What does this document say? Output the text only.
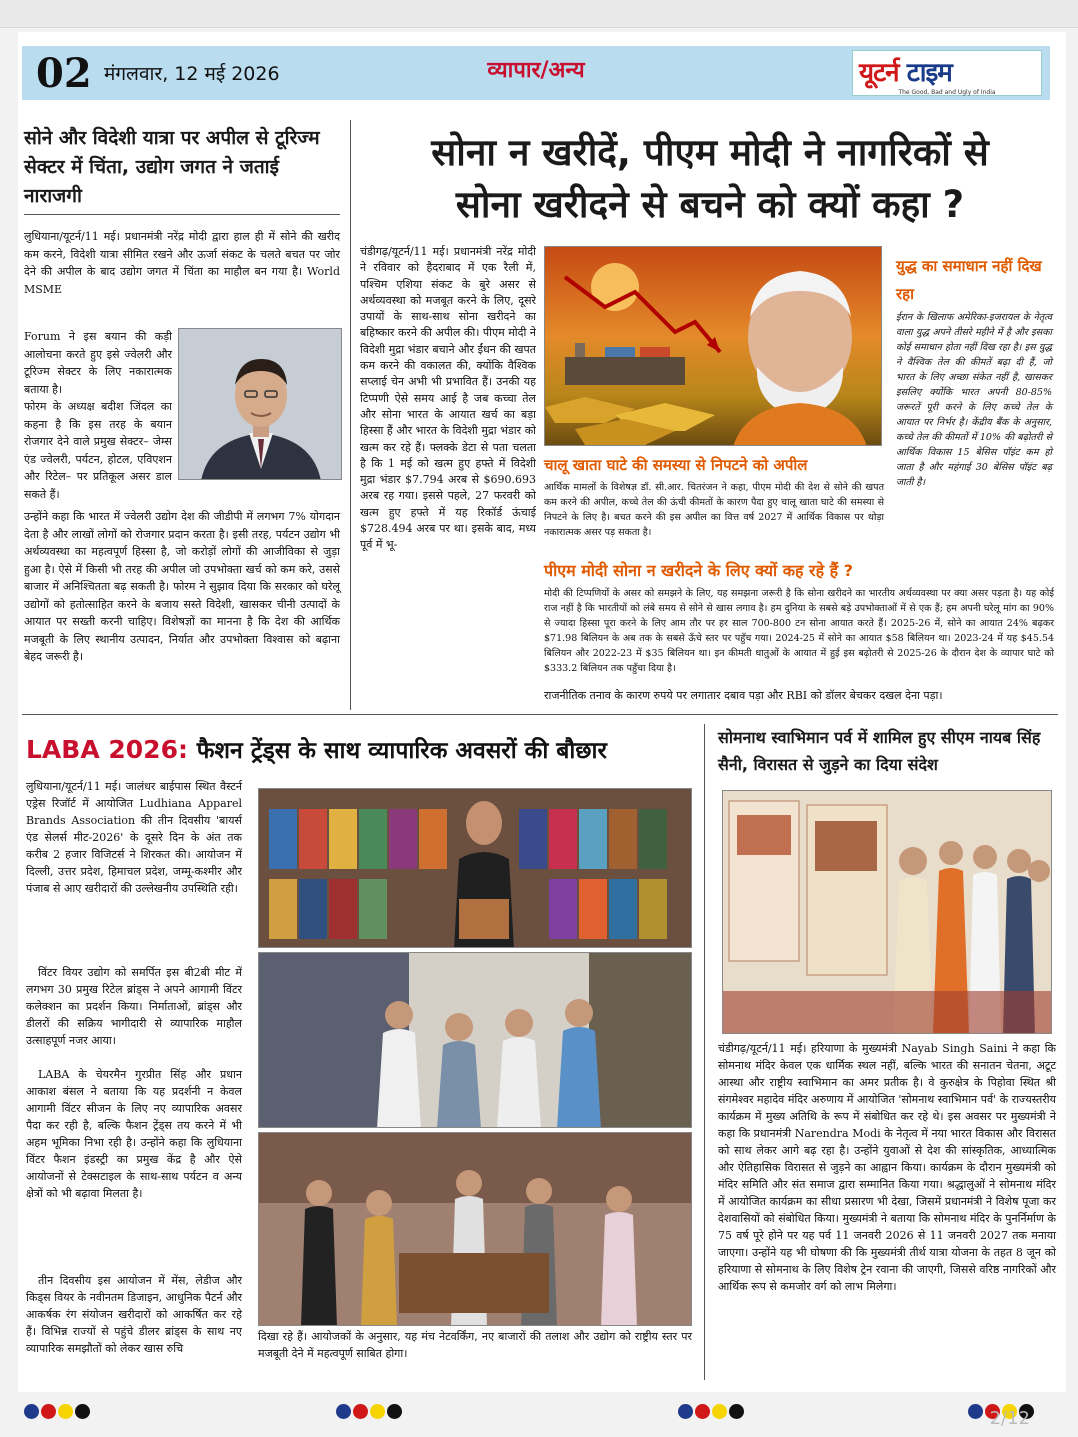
02 मंगलवार, 12 मई 2026	व्यापार/अन्य	यूटर्न टाइम
The Good, Bad and Ugly of India
सोने और विदेशी यात्रा पर अपील से टूरिज्म सेक्टर में चिंता, उद्योग जगत ने जताई नाराजगी
लुधियाना/यूटर्न/11 मई। प्रधानमंत्री नरेंद्र मोदी द्वारा हाल ही में सोने की खरीद कम करने, विदेशी यात्रा सीमित रखने और ऊर्जा संकट के चलते बचत पर जोर देने की अपील के बाद उद्योग जगत में चिंता का माहौल बन गया है। World MSME
Forum ने इस बयान की कड़ी आलोचना करते हुए इसे ज्वेलरी और टूरिज्म सेक्टर के लिए नकारात्मक बताया है।
फोरम के अध्यक्ष बदीश जिंदल का कहना है कि इस तरह के बयान रोजगार देने वाले प्रमुख सेक्टर– जेम्स एंड ज्वेलरी, पर्यटन, होटल, एविएशन और रिटेल– पर प्रतिकूल असर डाल सकते हैं।
उन्होंने कहा कि भारत में ज्वेलरी उद्योग देश की जीडीपी में लगभग 7% योगदान देता है और लाखों लोगों को रोजगार प्रदान करता है। इसी तरह, पर्यटन उद्योग भी अर्थव्यवस्था का महत्वपूर्ण हिस्सा है, जो करोड़ों लोगों की आजीविका से जुड़ा हुआ है। ऐसे में किसी भी तरह की अपील जो उपभोक्ता खर्च को कम करे, उससे बाजार में अनिश्चितता बढ़ सकती है। फोरम ने सुझाव दिया कि सरकार को घरेलू उद्योगों को हतोत्साहित करने के बजाय सस्ते विदेशी, खासकर चीनी उत्पादों के आयात पर सख्ती करनी चाहिए। विशेषज्ञों का मानना है कि देश की आर्थिक मजबूती के लिए स्थानीय उत्पादन, निर्यात और उपभोक्ता विश्वास को बढ़ाना बेहद जरूरी है।
सोना न खरीदें, पीएम मोदी ने नागरिकों से
सोना खरीदने से बचने को क्यों कहा ?
चंडीगढ़/यूटर्न/11 मई। प्रधानमंत्री नरेंद्र मोदी ने रविवार को हैदराबाद में एक रैली में, पश्चिम एशिया संकट के बुरे असर से अर्थव्यवस्था को मजबूत करने के लिए, दूसरे उपायों के साथ-साथ सोना खरीदने का बहिष्कार करने की अपील की। पीएम मोदी ने विदेशी मुद्रा भंडार बचाने और ईंधन की खपत कम करने की वकालत की, क्योंकि वैश्विक सप्लाई चेन अभी भी प्रभावित हैं। उनकी यह टिप्पणी ऐसे समय आई है जब कच्चा तेल और सोना भारत के आयात खर्च का बड़ा हिस्सा हैं और भारत के विदेशी मुद्रा भंडार को खत्म कर रहे हैं। फ्लक्के डेटा से पता चलता है कि 1 मई को खत्म हुए हफ्ते में विदेशी मुद्रा भंडार $7.794 अरब से $690.693 अरब रह गया। इससे पहले, 27 फरवरी को खत्म हुए हफ्ते में यह रिकॉर्ड ऊंचाई $728.494 अरब पर था। इसके बाद, मध्य पूर्व में भू-
युद्ध का समाधान नहीं दिख रहा
ईरान के खिलाफ अमेरिका-इजरायल के नेतृत्व वाला युद्ध अपने तीसरे महीने में है और इसका कोई समाधान होता नहीं दिख रहा है। इस युद्ध ने वैश्विक तेल की कीमतें बढ़ा दी हैं, जो भारत के लिए अच्छा संकेत नहीं है, खासकर इसलिए क्योंकि भारत अपनी 80-85% जरूरतें पूरी करने के लिए कच्चे तेल के आयात पर निर्भर है। केंद्रीय बैंक के अनुसार, कच्चे तेल की कीमतों में 10% की बढ़ोतरी से आर्थिक विकास 15 बेसिस पॉइंट कम हो जाता है और महंगाई 30 बेसिस पॉइंट बढ़ जाती है।
चालू खाता घाटे की समस्या से निपटने को अपील
आर्थिक मामलों के विशेषज्ञ डॉ. सी.आर. चितरंजन ने कहा, पीएम मोदी की देश से सोने की खपत कम करने की अपील, कच्चे तेल की ऊंची कीमतों के कारण पैदा हुए चालू खाता घाटे की समस्या से निपटने के लिए है। बचत करने की इस अपील का वित्त वर्ष 2027 में आर्थिक विकास पर थोड़ा नकारात्मक असर पड़ सकता है।
पीएम मोदी सोना न खरीदने के लिए क्यों कह रहे हैं ?
मोदी की टिप्पणियों के असर को समझने के लिए, यह समझना जरूरी है कि सोना खरीदने का भारतीय अर्थव्यवस्था पर क्या असर पड़ता है। यह कोई राज नहीं है कि भारतीयों को लंबे समय से सोने से खास लगाव है। हम दुनिया के सबसे बड़े उपभोक्ताओं में से एक हैं; हम अपनी घरेलू मांग का 90% से ज्यादा हिस्सा पूरा करने के लिए आम तौर पर हर साल 700-800 टन सोना आयात करते हैं। 2025-26 में, सोने का आयात 24% बढ़कर $71.98 बिलियन के अब तक के सबसे ऊँचे स्तर पर पहुँच गया। 2024-25 में सोने का आयात $58 बिलियन था। 2023-24 में यह $45.54 बिलियन और 2022-23 में $35 बिलियन था। इन कीमती धातुओं के आयात में हुई इस बढ़ोतरी से 2025-26 के दौरान देश के व्यापार घाटे को $333.2 बिलियन तक पहुँचा दिया है।
राजनीतिक तनाव के कारण रुपये पर लगातार दबाव पड़ा और RBI को डॉलर बेचकर दखल देना पड़ा।
LABA 2026: फैशन ट्रेंड्स के साथ व्यापारिक अवसरों की बौछार
लुधियाना/यूटर्न/11 मई। जालंधर बाईपास स्थित वैस्टर्न एड्रेस रिजॉर्ट में आयोजित Ludhiana Apparel Brands Association की तीन दिवसीय 'बायर्स एंड सेलर्स मीट-2026' के दूसरे दिन के अंत तक करीब 2 हजार विजिटर्स ने शिरकत की। आयोजन में दिल्ली, उत्तर प्रदेश, हिमाचल प्रदेश, जम्मू-कश्मीर और पंजाब से आए खरीदारों की उल्लेखनीय उपस्थिति रही।
विंटर वियर उद्योग को समर्पित इस बी2बी मीट में लगभग 30 प्रमुख रिटेल ब्रांड्स ने अपने आगामी विंटर कलेक्शन का प्रदर्शन किया। निर्माताओं, ब्रांड्स और डीलरों की सक्रिय भागीदारी से व्यापारिक माहौल उत्साहपूर्ण नजर आया।
LABA के चेयरमैन गुरप्रीत सिंह और प्रधान आकाश बंसल ने बताया कि यह प्रदर्शनी न केवल आगामी विंटर सीजन के लिए नए व्यापारिक अवसर पैदा कर रही है, बल्कि फैशन ट्रेंड्स तय करने में भी अहम भूमिका निभा रही है। उन्होंने कहा कि लुधियाना विंटर फैशन इंडस्ट्री का प्रमुख केंद्र है और ऐसे आयोजनों से टेक्सटाइल के साथ-साथ पर्यटन व अन्य क्षेत्रों को भी बढ़ावा मिलता है।
तीन दिवसीय इस आयोजन में मेंस, लेडीज और किड्स वियर के नवीनतम डिजाइन, आधुनिक पैटर्न और आकर्षक रंग संयोजन खरीदारों को आकर्षित कर रहे हैं। विभिन्न राज्यों से पहुंचे डीलर ब्रांड्स के साथ नए व्यापारिक समझौतों को लेकर खास रुचि
दिखा रहे हैं। आयोजकों के अनुसार, यह मंच नेटवर्किंग, नए बाजारों की तलाश और उद्योग को राष्ट्रीय स्तर पर मजबूती देने में महत्वपूर्ण साबित होगा।
सोमनाथ स्वाभिमान पर्व में शामिल हुए सीएम नायब सिंह सैनी, विरासत से जुड़ने का दिया संदेश
चंडीगढ़/यूटर्न/11 मई। हरियाणा के मुख्यमंत्री Nayab Singh Saini ने कहा कि सोमनाथ मंदिर केवल एक धार्मिक स्थल नहीं, बल्कि भारत की सनातन चेतना, अटूट आस्था और राष्ट्रीय स्वाभिमान का अमर प्रतीक है। वे कुरुक्षेत्र के पिहोवा स्थित श्री संगमेश्वर महादेव मंदिर अरुणाय में आयोजित 'सोमनाथ स्वाभिमान पर्व' के राज्यस्तरीय कार्यक्रम में मुख्य अतिथि के रूप में संबोधित कर रहे थे। इस अवसर पर मुख्यमंत्री ने कहा कि प्रधानमंत्री Narendra Modi के नेतृत्व में नया भारत विकास और विरासत को साथ लेकर आगे बढ़ रहा है। उन्होंने युवाओं से देश की सांस्कृतिक, आध्यात्मिक और ऐतिहासिक विरासत से जुड़ने का आह्वान किया। कार्यक्रम के दौरान मुख्यमंत्री को मंदिर समिति और संत समाज द्वारा सम्मानित किया गया। श्रद्धालुओं ने सोमनाथ मंदिर में आयोजित कार्यक्रम का सीधा प्रसारण भी देखा, जिसमें प्रधानमंत्री ने विशेष पूजा कर देशवासियों को संबोधित किया। मुख्यमंत्री ने बताया कि सोमनाथ मंदिर के पुनर्निर्माण के 75 वर्ष पूरे होने पर यह पर्व 11 जनवरी 2026 से 11 जनवरी 2027 तक मनाया जाएगा। उन्होंने यह भी घोषणा की कि मुख्यमंत्री तीर्थ यात्रा योजना के तहत 8 जून को हरियाणा से सोमनाथ के लिए विशेष ट्रेन रवाना की जाएगी, जिससे वरिष्ठ नागरिकों और आर्थिक रूप से कमजोर वर्ग को लाभ मिलेगा।
2/12
